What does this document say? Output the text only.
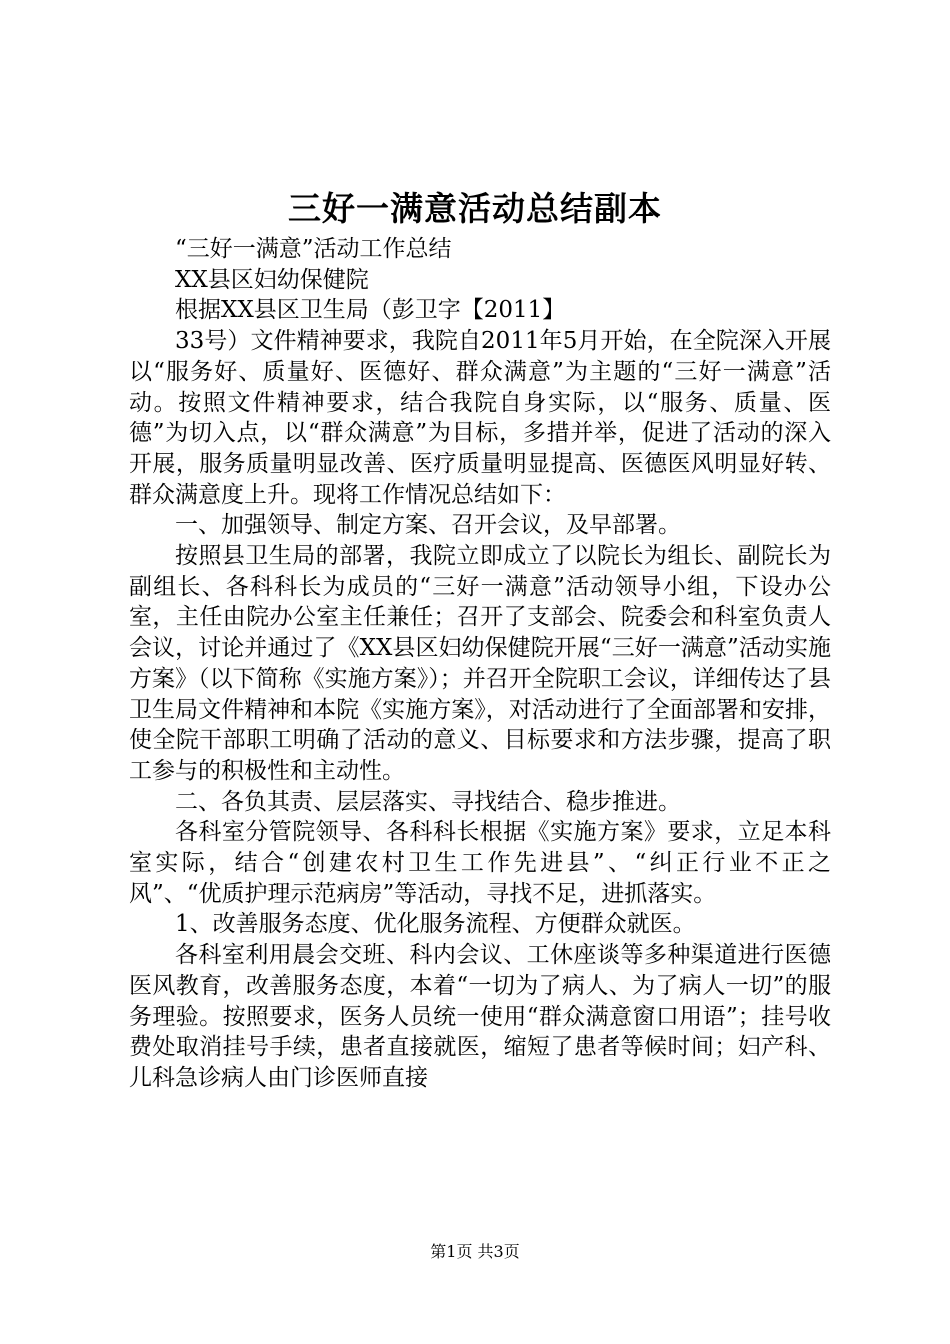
三好一满意活动总结副本

“三好一满意”活动工作总结

XX县区妇幼保健院

根据XX县区卫生局（彭卫字【2011】

33号）文件精神要求，我院自2011年5月开始，在全院深入开展以“服务好、质量好、医德好、群众满意”为主题的“三好一满意”活动。按照文件精神要求，结合我院自身实际，以“服务、质量、医德”为切入点，以“群众满意”为目标，多措并举，促进了活动的深入开展，服务质量明显改善、医疗质量明显提高、医德医风明显好转、群众满意度上升。现将工作情况总结如下：

一、加强领导、制定方案、召开会议，及早部署。

按照县卫生局的部署，我院立即成立了以院长为组长、副院长为副组长、各科科长为成员的“三好一满意”活动领导小组，下设办公室，主任由院办公室主任兼任；召开了支部会、院委会和科室负责人会议，讨论并通过了《XX县区妇幼保健院开展“三好一满意”活动实施方案》（以下简称《实施方案》）；并召开全院职工会议，详细传达了县卫生局文件精神和本院《实施方案》，对活动进行了全面部署和安排，使全院干部职工明确了活动的意义、目标要求和方法步骤，提高了职工参与的积极性和主动性。

二、各负其责、层层落实、寻找结合、稳步推进。

各科室分管院领导、各科科长根据《实施方案》要求，立足本科室实际，结合“创建农村卫生工作先进县”、“纠正行业不正之风”、“优质护理示范病房”等活动，寻找不足，进抓落实。

1、改善服务态度、优化服务流程、方便群众就医。

各科室利用晨会交班、科内会议、工休座谈等多种渠道进行医德医风教育，改善服务态度，本着“一切为了病人、为了病人一切”的服务理验。按照要求，医务人员统一使用“群众满意窗口用语”；挂号收费处取消挂号手续，患者直接就医，缩短了患者等候时间；妇产科、儿科急诊病人由门诊医师直接

第1页 共3页
